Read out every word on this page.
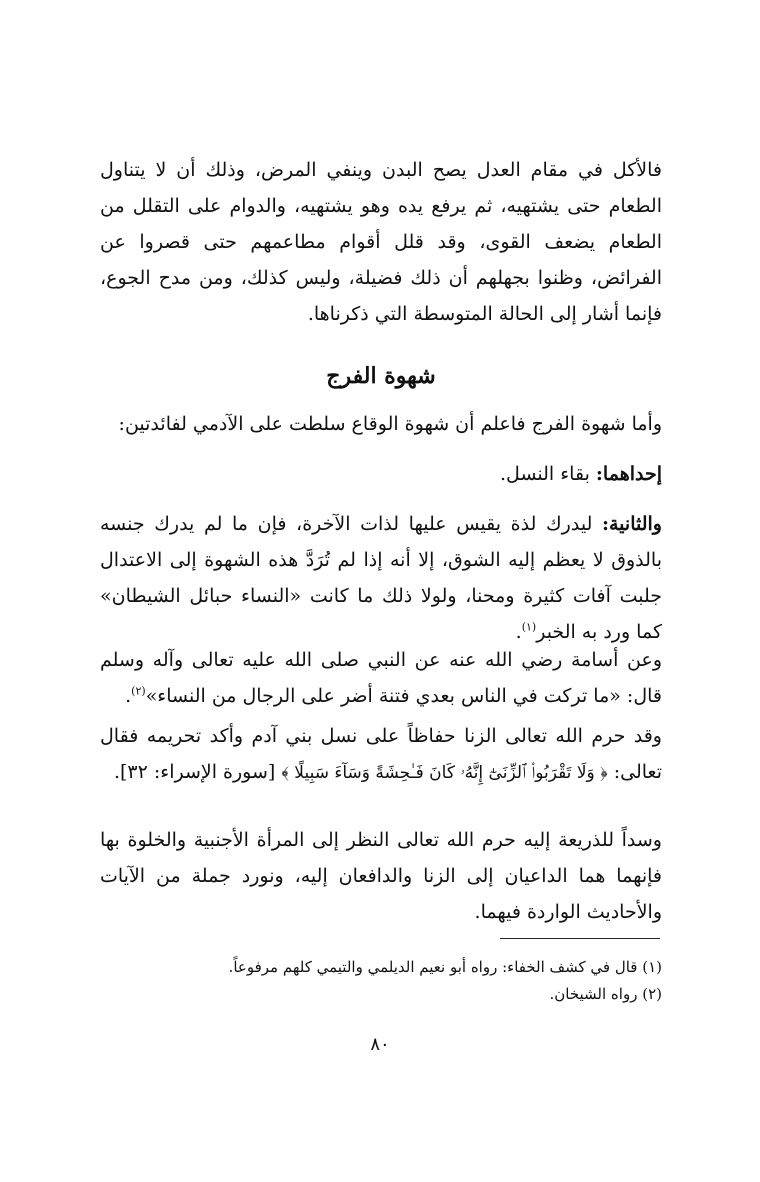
فالأكل في مقام العدل يصح البدن وينفي المرض، وذلك أن لا يتناول الطعام حتى يشتهيه، ثم يرفع يده وهو يشتهيه، والدوام على التقلل من الطعام يضعف القوى، وقد قلل أقوام مطاعمهم حتى قصروا عن الفرائض، وظنوا بجهلهم أن ذلك فضيلة، وليس كذلك، ومن مدح الجوع، فإنما أشار إلى الحالة المتوسطة التي ذكرناها.

شهوة الفرج

وأما شهوة الفرج فاعلم أن شهوة الوقاع سلطت على الآدمي لفائدتين:

إحداهما: بقاء النسل.

والثانية: ليدرك لذة يقيس عليها لذات الآخرة، فإن ما لم يدرك جنسه بالذوق لا يعظم إليه الشوق، إلا أنه إذا لم تُرَدَّ هذه الشهوة إلى الاعتدال جلبت آفات كثيرة ومحنا، ولولا ذلك ما كانت «النساء حبائل الشيطان» كما ورد به الخبر$^{(١)}$.

وعن أسامة رضي الله عنه عن النبي صلى الله عليه تعالى وآله وسلم قال: «ما تركت في الناس بعدي فتنة أضر على الرجال من النساء»$^{(٢)}$.

وقد حرم الله تعالى الزنا حفاظاً على نسل بني آدم وأكد تحريمه فقال تعالى: ﴿ وَلَا تَقْرَبُوا۟ ٱلزِّنَىٰٓ إِنَّهُۥ كَانَ فَـٰحِشَةً وَسَآءَ سَبِيلًا ﴾ [سورة الإسراء: ٣٢].

وسداً للذريعة إليه حرم الله تعالى النظر إلى المرأة الأجنبية والخلوة بها فإنهما هما الداعيان إلى الزنا والدافعان إليه، ونورد جملة من الآيات والأحاديث الواردة فيهما.

(١) قال في كشف الخفاء: رواه أبو نعيم الديلمي والتيمي كلهم مرفوعاً.
(٢) رواه الشيخان.
٨٠
